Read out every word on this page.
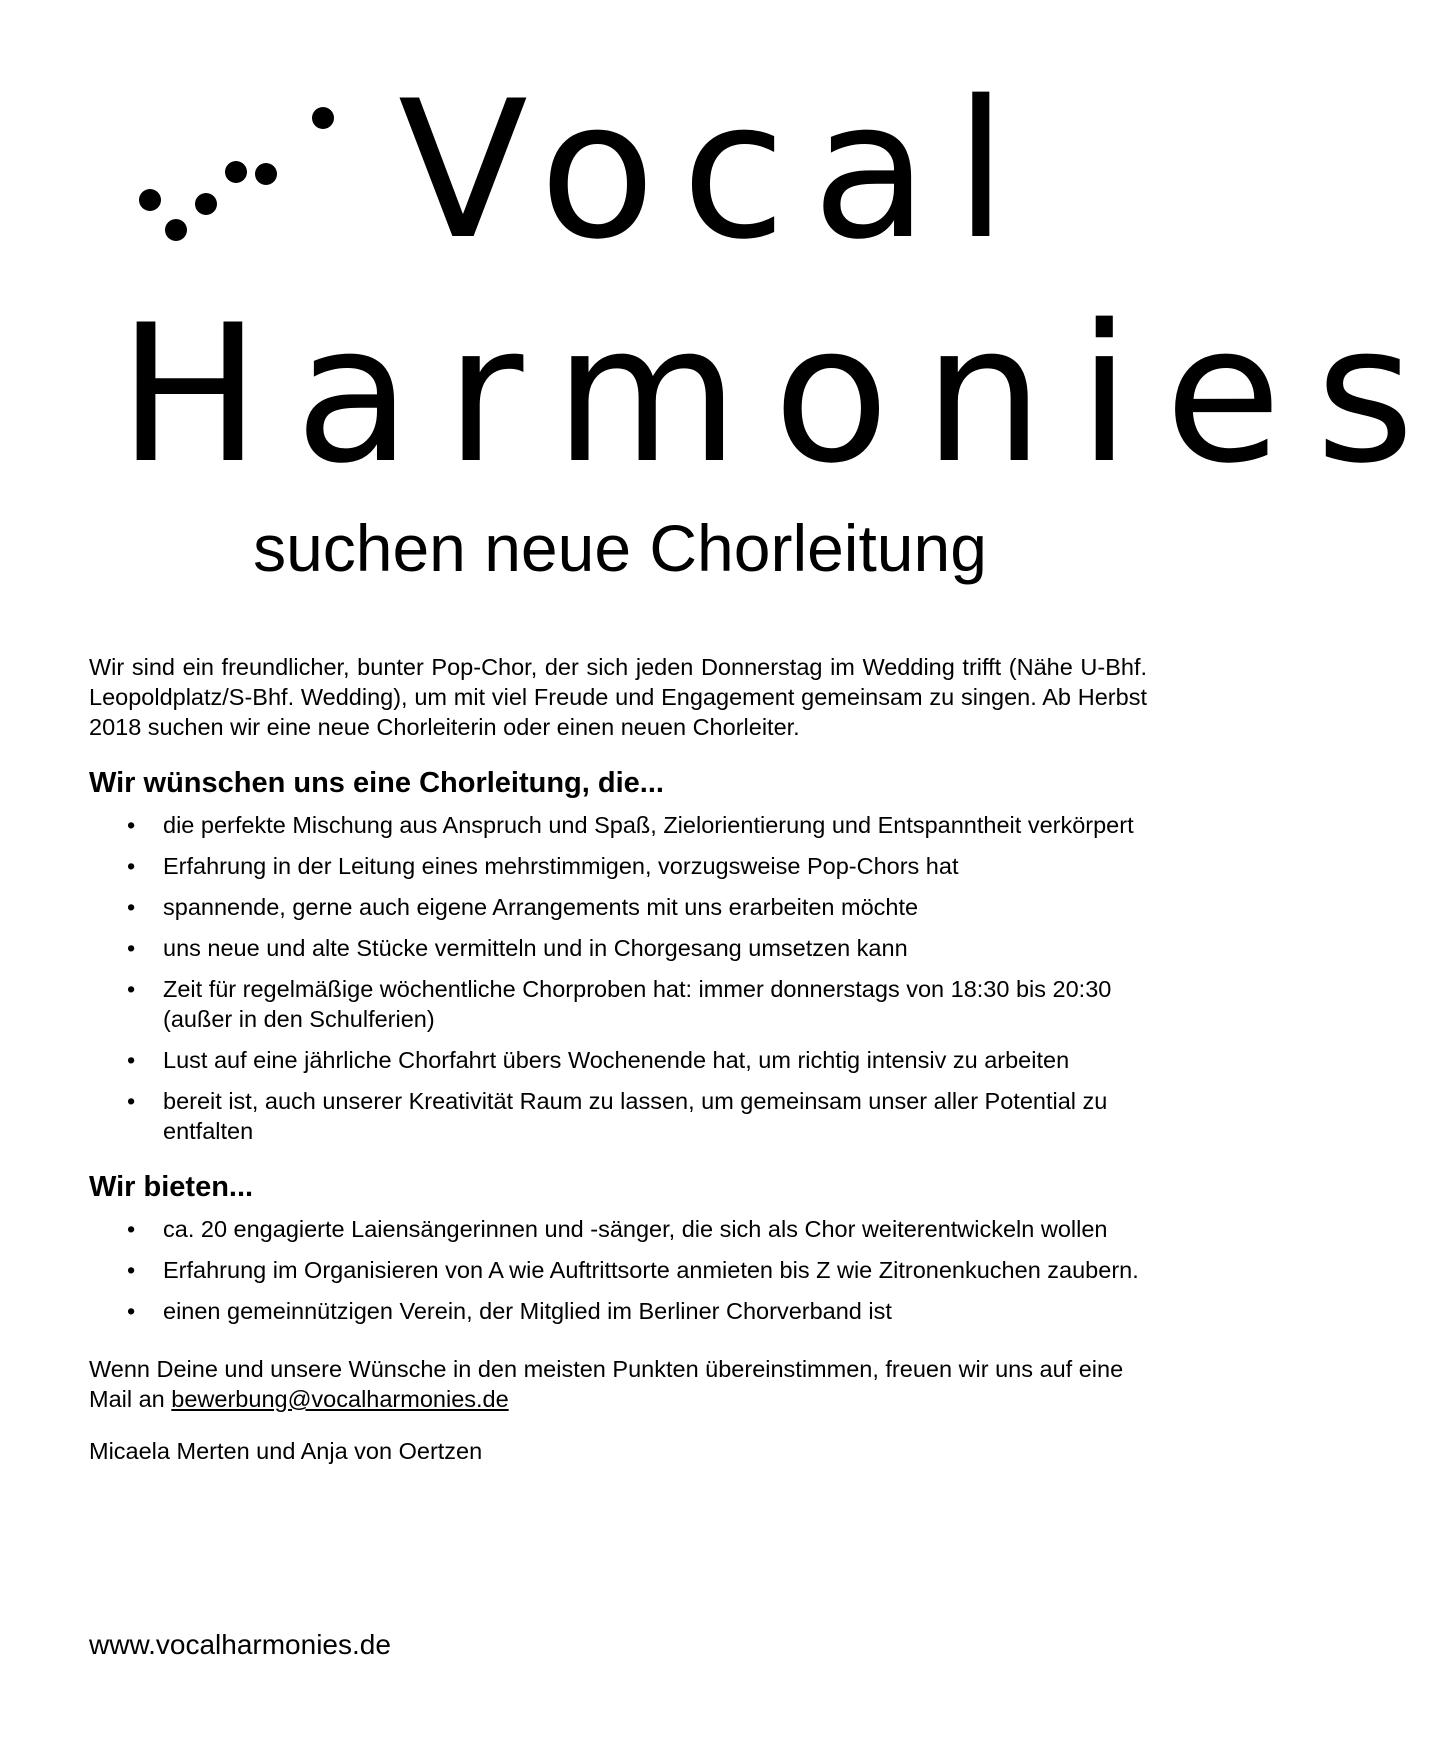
Vocal
Harmonies
suchen neue Chorleitung

Wir sind ein freundlicher, bunter Pop-Chor, der sich jeden Donnerstag im Wedding trifft (Nähe U-Bhf. Leopoldplatz/S-Bhf. Wedding), um mit viel Freude und Engagement gemeinsam zu singen. Ab Herbst 2018 suchen wir eine neue Chorleiterin oder einen neuen Chorleiter.

Wir wünschen uns eine Chorleitung, die...
• die perfekte Mischung aus Anspruch und Spaß, Zielorientierung und Entspanntheit verkörpert
• Erfahrung in der Leitung eines mehrstimmigen, vorzugsweise Pop-Chors hat
• spannende, gerne auch eigene Arrangements mit uns erarbeiten möchte
• uns neue und alte Stücke vermitteln und in Chorgesang umsetzen kann
• Zeit für regelmäßige wöchentliche Chorproben hat: immer donnerstags von 18:30 bis 20:30 (außer in den Schulferien)
• Lust auf eine jährliche Chorfahrt übers Wochenende hat, um richtig intensiv zu arbeiten
• bereit ist, auch unserer Kreativität Raum zu lassen, um gemeinsam unser aller Potential zu entfalten
Wir bieten...
• ca. 20 engagierte Laiensängerinnen und -sänger, die sich als Chor weiterentwickeln wollen
• Erfahrung im Organisieren von A wie Auftrittsorte anmieten bis Z wie Zitronenkuchen zaubern.
• einen gemeinnützigen Verein, der Mitglied im Berliner Chorverband ist

Wenn Deine und unsere Wünsche in den meisten Punkten übereinstimmen, freuen wir uns auf eine Mail an bewerbung@vocalharmonies.de

Micaela Merten und Anja von Oertzen

www.vocalharmonies.de
